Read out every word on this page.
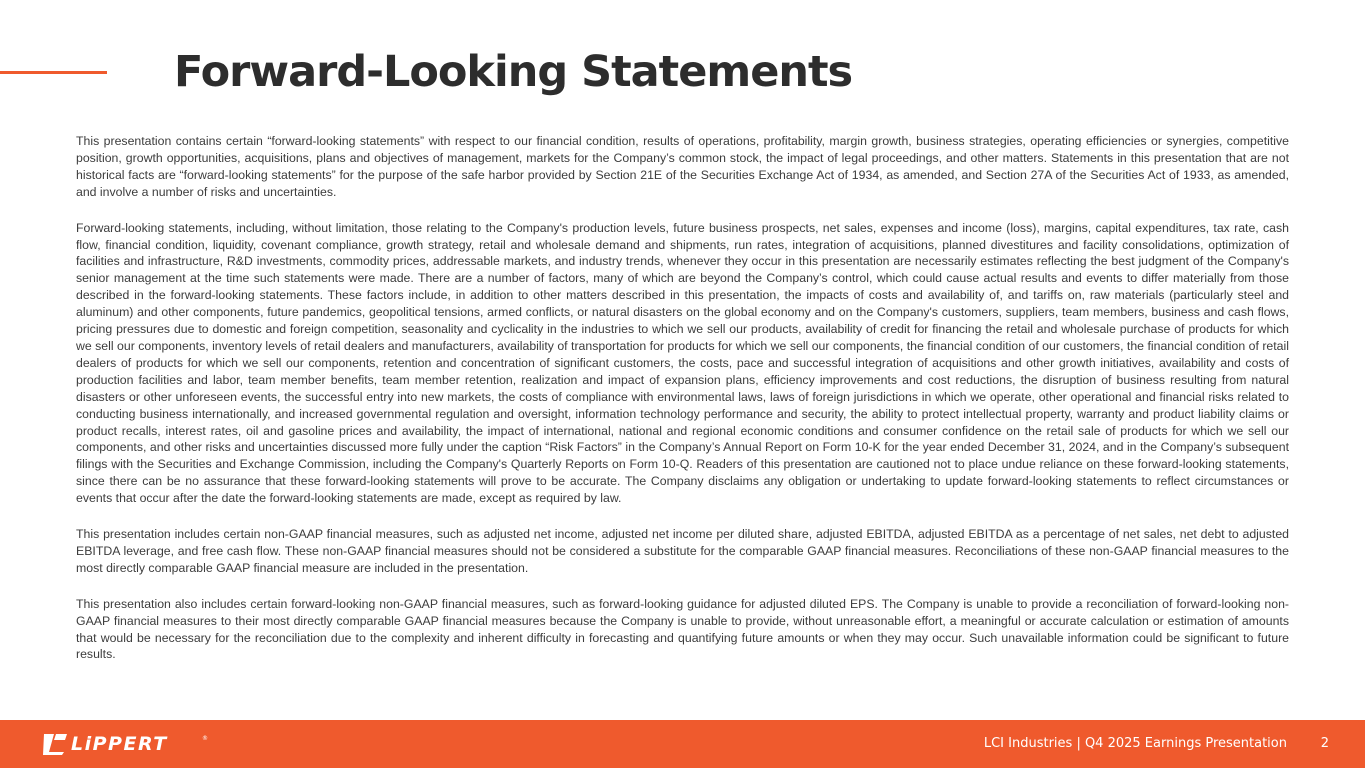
Forward-Looking Statements

This presentation contains certain “forward-looking statements” with respect to our financial condition, results of operations, profitability, margin growth, business strategies, operating efficiencies or synergies, competitive position, growth opportunities, acquisitions, plans and objectives of management, markets for the Company’s common stock, the impact of legal proceedings, and other matters. Statements in this presentation that are not historical facts are “forward-looking statements” for the purpose of the safe harbor provided by Section 21E of the Securities Exchange Act of 1934, as amended, and Section 27A of the Securities Act of 1933, as amended, and involve a number of risks and uncertainties.

Forward-looking statements, including, without limitation, those relating to the Company's production levels, future business prospects, net sales, expenses and income (loss), margins, capital expenditures, tax rate, cash flow, financial condition, liquidity, covenant compliance, growth strategy, retail and wholesale demand and shipments, run rates, integration of acquisitions, planned divestitures and facility consolidations, optimization of facilities and infrastructure, R&D investments, commodity prices, addressable markets, and industry trends, whenever they occur in this presentation are necessarily estimates reflecting the best judgment of the Company's senior management at the time such statements were made. There are a number of factors, many of which are beyond the Company’s control, which could cause actual results and events to differ materially from those described in the forward-looking statements. These factors include, in addition to other matters described in this presentation, the impacts of costs and availability of, and tariffs on, raw materials (particularly steel and aluminum) and other components, future pandemics, geopolitical tensions, armed conflicts, or natural disasters on the global economy and on the Company's customers, suppliers, team members, business and cash flows, pricing pressures due to domestic and foreign competition, seasonality and cyclicality in the industries to which we sell our products, availability of credit for financing the retail and wholesale purchase of products for which we sell our components, inventory levels of retail dealers and manufacturers, availability of transportation for products for which we sell our components, the financial condition of our customers, the financial condition of retail dealers of products for which we sell our components, retention and concentration of significant customers, the costs, pace and successful integration of acquisitions and other growth initiatives, availability and costs of production facilities and labor, team member benefits, team member retention, realization and impact of expansion plans, efficiency improvements and cost reductions, the disruption of business resulting from natural disasters or other unforeseen events, the successful entry into new markets, the costs of compliance with environmental laws, laws of foreign jurisdictions in which we operate, other operational and financial risks related to conducting business internationally, and increased governmental regulation and oversight, information technology performance and security, the ability to protect intellectual property, warranty and product liability claims or product recalls, interest rates, oil and gasoline prices and availability, the impact of international, national and regional economic conditions and consumer confidence on the retail sale of products for which we sell our components, and other risks and uncertainties discussed more fully under the caption “Risk Factors” in the Company’s Annual Report on Form 10-K for the year ended December 31, 2024, and in the Company’s subsequent filings with the Securities and Exchange Commission, including the Company's Quarterly Reports on Form 10-Q. Readers of this presentation are cautioned not to place undue reliance on these forward-looking statements, since there can be no assurance that these forward-looking statements will prove to be accurate. The Company disclaims any obligation or undertaking to update forward-looking statements to reflect circumstances or events that occur after the date the forward-looking statements are made, except as required by law.

This presentation includes certain non-GAAP financial measures, such as adjusted net income, adjusted net income per diluted share, adjusted EBITDA, adjusted EBITDA as a percentage of net sales, net debt to adjusted EBITDA leverage, and free cash flow. These non-GAAP financial measures should not be considered a substitute for the comparable GAAP financial measures. Reconciliations of these non-GAAP financial measures to the most directly comparable GAAP financial measure are included in the presentation.

This presentation also includes certain forward-looking non-GAAP financial measures, such as forward-looking guidance for adjusted diluted EPS. The Company is unable to provide a reconciliation of forward-looking non-GAAP financial measures to their most directly comparable GAAP financial measures because the Company is unable to provide, without unreasonable effort, a meaningful or accurate calculation or estimation of amounts that would be necessary for the reconciliation due to the complexity and inherent difficulty in forecasting and quantifying future amounts or when they may occur. Such unavailable information could be significant to future results.

LiPPERT	®	LCI Industries | Q4 2025 Earnings Presentation	2
